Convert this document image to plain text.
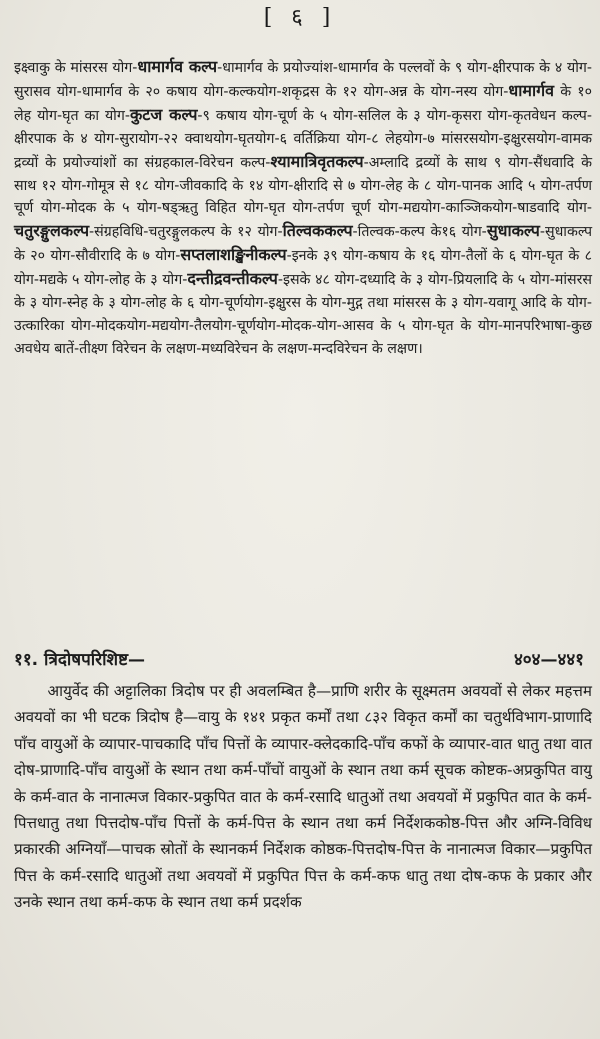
[ ६ ]

इक्ष्वाकु के मांसरस योग-धामार्गव कल्प-धामार्गव के प्रयोज्यांश-धामार्गव के पल्लवों के ९ योग-क्षीरपाक के ४ योग-सुरासव योग-धामार्गव के २० कषाय योग-कल्कयोग-शकृद्रस के १२ योग-अन्न के योग-नस्य योग-धामार्गव के १० लेह योग-घृत का योग-कुटज कल्प-९ कषाय योग-चूर्ण के ५ योग-सलिल के ३ योग-कृसरा योग-कृतवेधन कल्प-क्षीरपाक के ४ योग-सुरायोग-२२ क्वाथयोग-घृतयोग-६ वर्तिक्रिया योग-८ लेहयोग-७ मांसरसयोग-इक्षुरसयोग-वामक द्रव्यों के प्रयोज्यांशों का संग्रहकाल-विरेचन कल्प-श्यामात्रिवृतकल्प-अम्लादि द्रव्यों के साथ ९ योग-सैंधवादि के साथ १२ योग-गोमूत्र से १८ योग-जीवकादि के १४ योग-क्षीरादि से ७ योग-लेह के ८ योग-पानक आदि ५ योग-तर्पण चूर्ण योग-मोदक के ५ योग-षड्ऋतु विहित योग-घृत योग-तर्पण चूर्ण योग-मद्ययोग-काञ्जिकयोग-षाडवादि योग-चतुरङ्गुलकल्प-संग्रहविधि-चतुरङ्गुलकल्प के १२ योग-तिल्वककल्प-तिल्वक-कल्प के१६ योग-सुधाकल्प-सुधाकल्प के २० योग-सौवीरादि के ७ योग-सप्तलाशङ्खिनीकल्प-इनके ३९ योग-कषाय के १६ योग-तैलों के ६ योग-घृत के ८ योग-मद्यके ५ योग-लोह के ३ योग-दन्तीद्रवन्तीकल्प-इसके ४८ योग-दध्यादि के ३ योग-प्रियलादि के ५ योग-मांसरस के ३ योग-स्नेह के ३ योग-लोह के ६ योग-चूर्णयोग-इक्षुरस के योग-मुद्ग तथा मांसरस के ३ योग-यवागू आदि के योग-उत्कारिका योग-मोदकयोग-मद्ययोग-तैलयोग-चूर्णयोग-मोदक-योग-आसव के ५ योग-घृत के योग-मानपरिभाषा-कुछ अवधेय बातें-तीक्ष्ण विरेचन के लक्षण-मध्यविरेचन के लक्षण-मन्दविरेचन के लक्षण।

११. त्रिदोषपरिशिष्ट—	४०४—४४१

आयुर्वेद की अट्टालिका त्रिदोष पर ही अवलम्बित है—प्राणि शरीर के सूक्ष्मतम अवयवों से लेकर महत्तम अवयवों का भी घटक त्रिदोष है—वायु के १४१ प्रकृत कर्मों तथा ८३२ विकृत कर्मों का चतुर्थविभाग-प्राणादि पाँच वायुओं के व्यापार-पाचकादि पाँच पित्तों के व्यापार-क्लेदकादि-पाँच कफों के व्यापार-वात धातु तथा वात दोष-प्राणादि-पाँच वायुओं के स्थान तथा कर्म-पाँचों वायुओं के स्थान तथा कर्म सूचक कोष्टक-अप्रकुपित वायु के कर्म-वात के नानात्मज विकार-प्रकुपित वात के कर्म-रसादि धातुओं तथा अवयवों में प्रकुपित वात के कर्म-पित्तधातु तथा पित्तदोष-पाँच पित्तों के कर्म-पित्त के स्थान तथा कर्म निर्देशककोष्ठ-पित्त और अग्नि-विविध प्रकारकी अग्नियाँ—पाचक स्रोतों के स्थानकर्म निर्देशक कोष्ठक-पित्तदोष-पित्त के नानात्मज विकार—प्रकुपित पित्त के कर्म-रसादि धातुओं तथा अवयवों में प्रकुपित पित्त के कर्म-कफ धातु तथा दोष-कफ के प्रकार और उनके स्थान तथा कर्म-कफ के स्थान तथा कर्म प्रदर्शक
